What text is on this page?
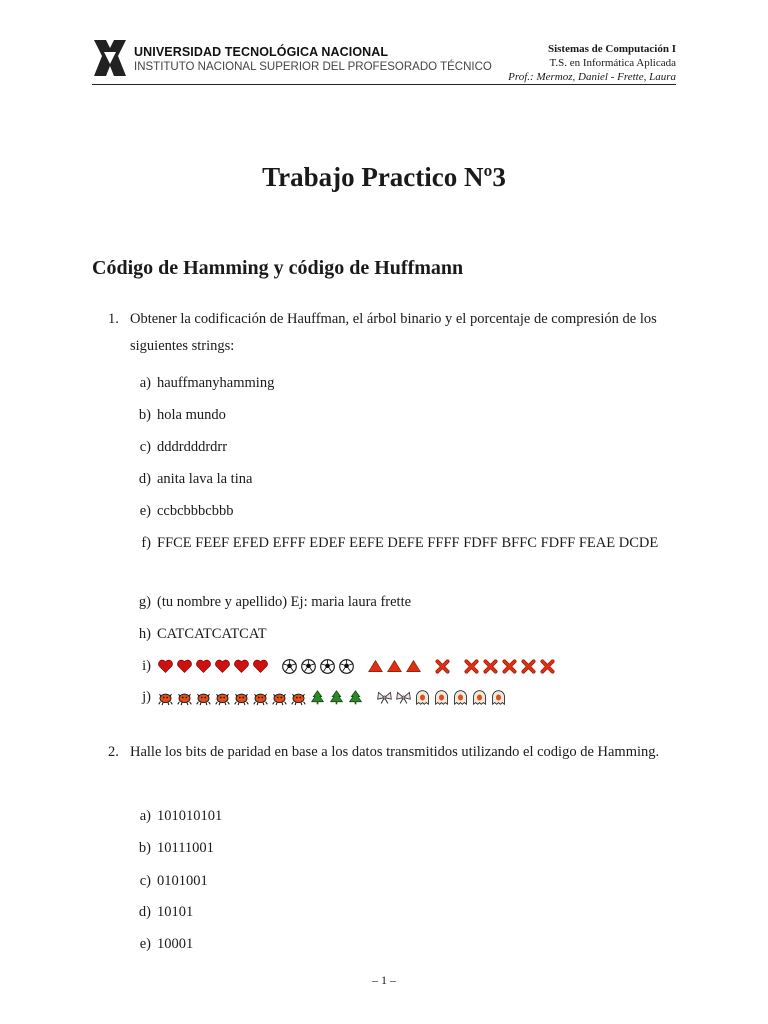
UNIVERSIDAD TECNOLÓGICA NACIONAL
INSTITUTO NACIONAL SUPERIOR DEL PROFESORADO TÉCNICO
Sistemas de Computación I
T.S. en Informática Aplicada
Prof.: Mermoz, Daniel - Frette, Laura
Trabajo Practico Nº3
Código de Hamming y código de Huffmann
1. Obtener la codificación de Hauffman, el árbol binario y el porcentaje de compresión de los siguientes strings:
a) hauffmanyhamming
b) hola mundo
c) dddrdddrdrr
d) anita lava la tina
e) ccbcbbbcbbb
f) FFCE FEEF EFED EFFF EDEF EEFE DEFE FFFF FDFF BFFC FDFF FEAE DCDE
g) (tu nombre y apellido) Ej: maria laura frette
h) CATCATCATCAT
i)
j)
2. Halle los bits de paridad en base a los datos transmitidos utilizando el codigo de Hamming.
a) 101010101
b) 10111001
c) 0101001
d) 10101
e) 10001
– 1 –
